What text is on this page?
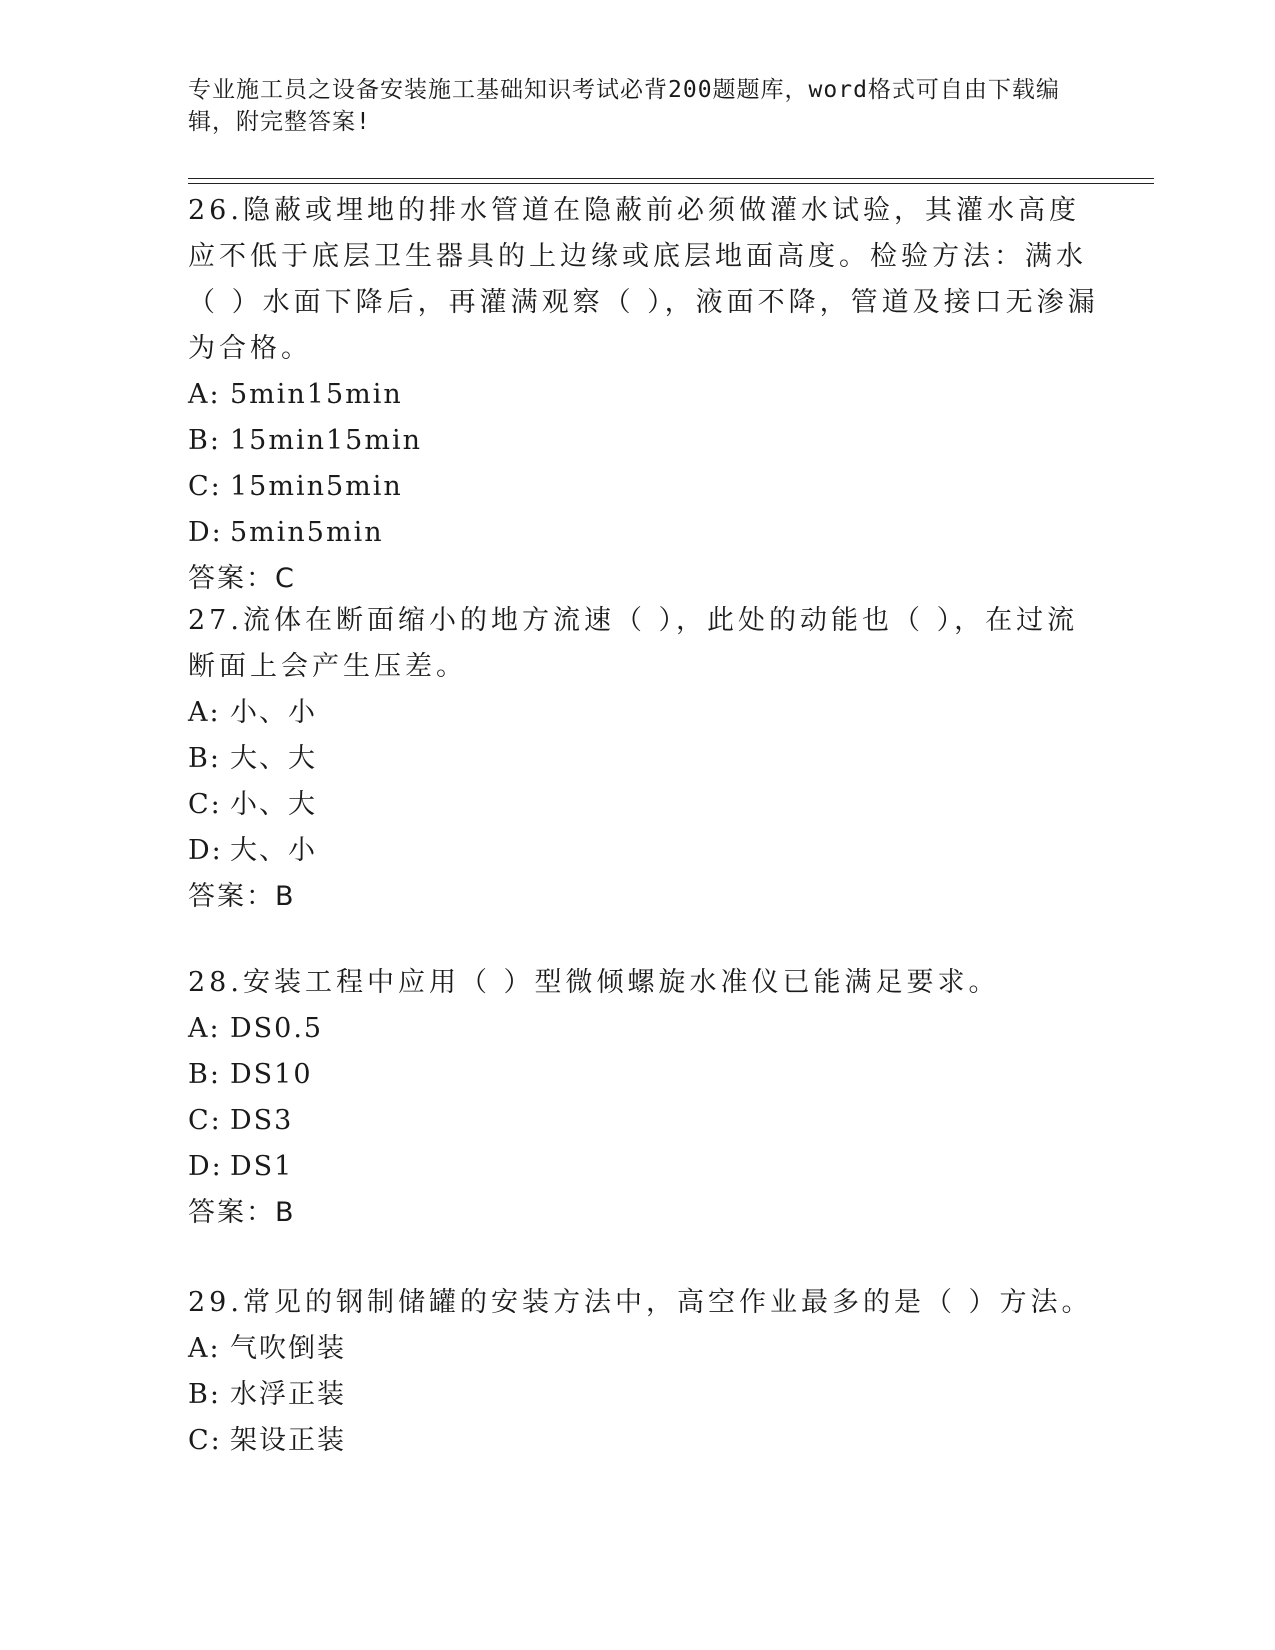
专业施工员之设备安装施工基础知识考试必背200题题库，word格式可自由下载编辑，附完整答案!

26.隐蔽或埋地的排水管道在隐蔽前必须做灌水试验，其灌水高度应不低于底层卫生器具的上边缘或底层地面高度。检验方法：满水（ ）水面下降后，再灌满观察（ ），液面不降，管道及接口无渗漏为合格。

A: 5min15min

B: 15min15min

C: 15min5min

D: 5min5min

答案：C

27.流体在断面缩小的地方流速（ ），此处的动能也（ ），在过流断面上会产生压差。

A: 小、小

B: 大、大

C: 小、大

D: 大、小

答案：B

28.安装工程中应用（ ）型微倾螺旋水准仪已能满足要求。

A: DS0.5

B: DS10

C: DS3

D: DS1

答案：B

29.常见的钢制储罐的安装方法中，高空作业最多的是（ ）方法。

A: 气吹倒装

B: 水浮正装

C: 架设正装
